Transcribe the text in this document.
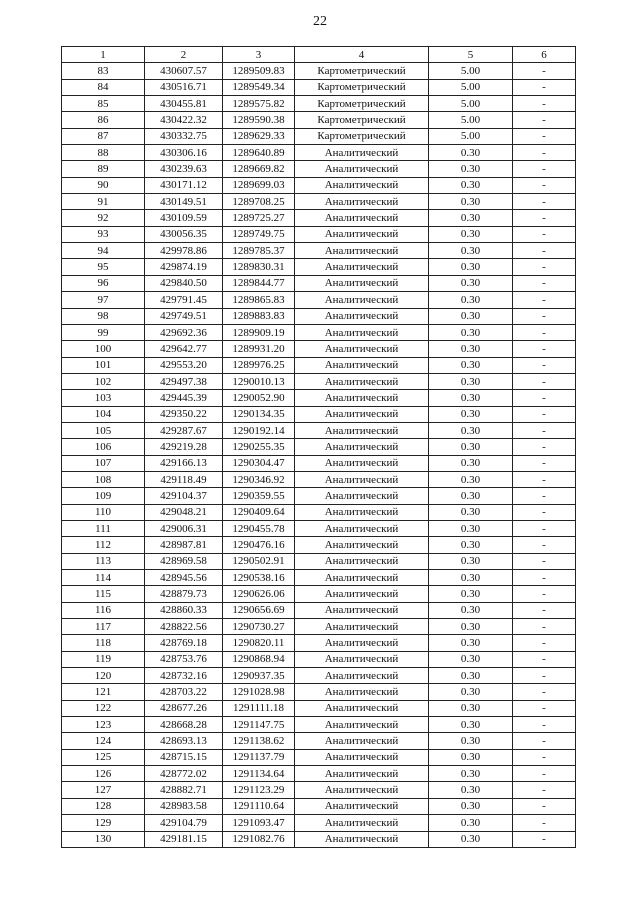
22
1	2	3	4	5	6
83	430607.57	1289509.83	Картометрический	5.00	-
84	430516.71	1289549.34	Картометрический	5.00	-
85	430455.81	1289575.82	Картометрический	5.00	-
86	430422.32	1289590.38	Картометрический	5.00	-
87	430332.75	1289629.33	Картометрический	5.00	-
88	430306.16	1289640.89	Аналитический	0.30	-
89	430239.63	1289669.82	Аналитический	0.30	-
90	430171.12	1289699.03	Аналитический	0.30	-
91	430149.51	1289708.25	Аналитический	0.30	-
92	430109.59	1289725.27	Аналитический	0.30	-
93	430056.35	1289749.75	Аналитический	0.30	-
94	429978.86	1289785.37	Аналитический	0.30	-
95	429874.19	1289830.31	Аналитический	0.30	-
96	429840.50	1289844.77	Аналитический	0.30	-
97	429791.45	1289865.83	Аналитический	0.30	-
98	429749.51	1289883.83	Аналитический	0.30	-
99	429692.36	1289909.19	Аналитический	0.30	-
100	429642.77	1289931.20	Аналитический	0.30	-
101	429553.20	1289976.25	Аналитический	0.30	-
102	429497.38	1290010.13	Аналитический	0.30	-
103	429445.39	1290052.90	Аналитический	0.30	-
104	429350.22	1290134.35	Аналитический	0.30	-
105	429287.67	1290192.14	Аналитический	0.30	-
106	429219.28	1290255.35	Аналитический	0.30	-
107	429166.13	1290304.47	Аналитический	0.30	-
108	429118.49	1290346.92	Аналитический	0.30	-
109	429104.37	1290359.55	Аналитический	0.30	-
110	429048.21	1290409.64	Аналитический	0.30	-
111	429006.31	1290455.78	Аналитический	0.30	-
112	428987.81	1290476.16	Аналитический	0.30	-
113	428969.58	1290502.91	Аналитический	0.30	-
114	428945.56	1290538.16	Аналитический	0.30	-
115	428879.73	1290626.06	Аналитический	0.30	-
116	428860.33	1290656.69	Аналитический	0.30	-
117	428822.56	1290730.27	Аналитический	0.30	-
118	428769.18	1290820.11	Аналитический	0.30	-
119	428753.76	1290868.94	Аналитический	0.30	-
120	428732.16	1290937.35	Аналитический	0.30	-
121	428703.22	1291028.98	Аналитический	0.30	-
122	428677.26	1291111.18	Аналитический	0.30	-
123	428668.28	1291147.75	Аналитический	0.30	-
124	428693.13	1291138.62	Аналитический	0.30	-
125	428715.15	1291137.79	Аналитический	0.30	-
126	428772.02	1291134.64	Аналитический	0.30	-
127	428882.71	1291123.29	Аналитический	0.30	-
128	428983.58	1291110.64	Аналитический	0.30	-
129	429104.79	1291093.47	Аналитический	0.30	-
130	429181.15	1291082.76	Аналитический	0.30	-
